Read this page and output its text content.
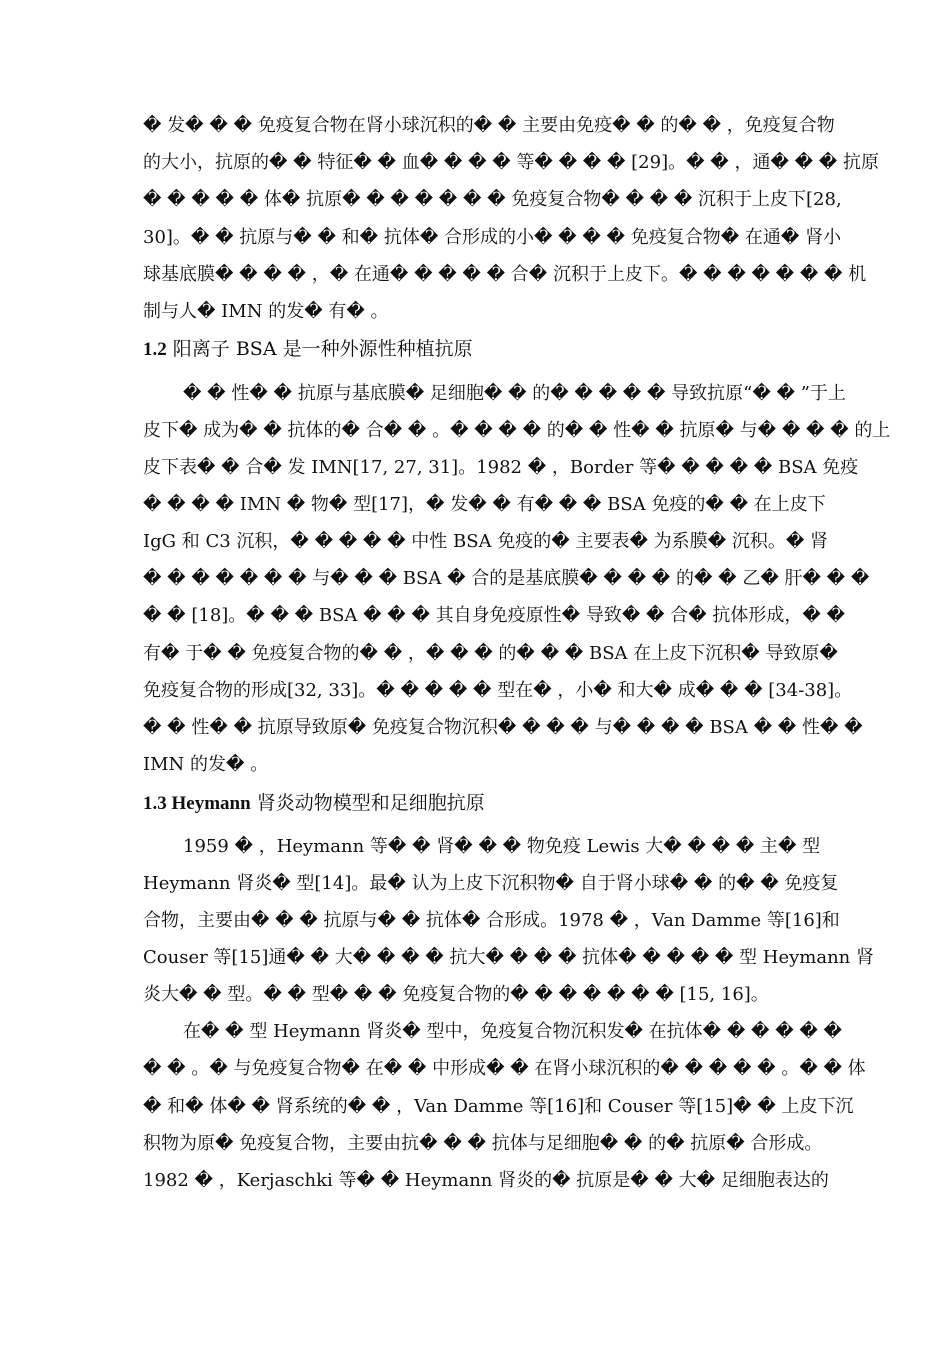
� 发� � � 免疫复合物在肾小球沉积的� � 主要由免疫� � 的� � ，免疫复合物
的大小，抗原的� � 特征� � 血� � � � 等� � � � [29]。� � ，通� � � 抗原
� � � � � 体� 抗原� � � � � � � 免疫复合物� � � � 沉积于上皮下[28,
30]。� � 抗原与� � 和� 抗体� 合形成的小� � � � 免疫复合物� 在通� 肾小
球基底膜� � � � ，� 在通� � � � � 合� 沉积于上皮下。� � � � � � � 机
制与人� IMN 的发� 有� 。
1.2 阳离子 BSA 是一种外源性种植抗原
� � 性� � 抗原与基底膜� 足细胞� � 的� � � � � 导致抗原“� � ”于上
皮下� 成为� � 抗体的� 合� � 。� � � � 的� � 性� � 抗原� 与� � � � 的上
皮下表� � 合� 发 IMN[17, 27, 31]。1982 � ，Border 等� � � � � BSA 免疫
� � � � IMN � 物� 型[17]，� 发� � 有� � � BSA 免疫的� � 在上皮下
IgG 和 C3 沉积，� � � � � 中性 BSA 免疫的� 主要表� 为系膜� 沉积。� 肾
� � � � � � � 与� � � BSA � 合的是基底膜� � � � 的� � 乙� 肝� � �
� � [18]。� � � BSA � � � 其自身免疫原性� 导致� � 合� 抗体形成，� �
有� 于� � 免疫复合物的� � ，� � � 的� � � BSA 在上皮下沉积� 导致原�
免疫复合物的形成[32, 33]。� � � � � 型在� ，小� 和大� 成� � � [34-38]。
� � 性� � 抗原导致原� 免疫复合物沉积� � � � 与� � � � BSA � � 性� �
IMN 的发� 。
1.3 Heymann 肾炎动物模型和足细胞抗原
1959 � ，Heymann 等� � 肾� � � 物免疫 Lewis 大� � � � 主� 型
Heymann 肾炎� 型[14]。最� 认为上皮下沉积物� 自于肾小球� � 的� � 免疫复
合物，主要由� � � 抗原与� � 抗体� 合形成。1978 � ，Van Damme 等[16]和
Couser 等[15]通� � 大� � � � 抗大� � � � 抗体� � � � � 型 Heymann 肾
炎大� � 型。� � 型� � � 免疫复合物的� � � � � � � [15, 16]。
在� � 型 Heymann 肾炎� 型中，免疫复合物沉积发� 在抗体� � � � � �
� � 。� 与免疫复合物� 在� � 中形成� � 在肾小球沉积的� � � � � 。� � 体
� 和� 体� � 肾系统的� � ，Van Damme 等[16]和 Couser 等[15]� � 上皮下沉
积物为原� 免疫复合物，主要由抗� � � 抗体与足细胞� � 的� 抗原� 合形成。
1982 � ，Kerjaschki 等� � Heymann 肾炎的� 抗原是� � 大� 足细胞表达的
